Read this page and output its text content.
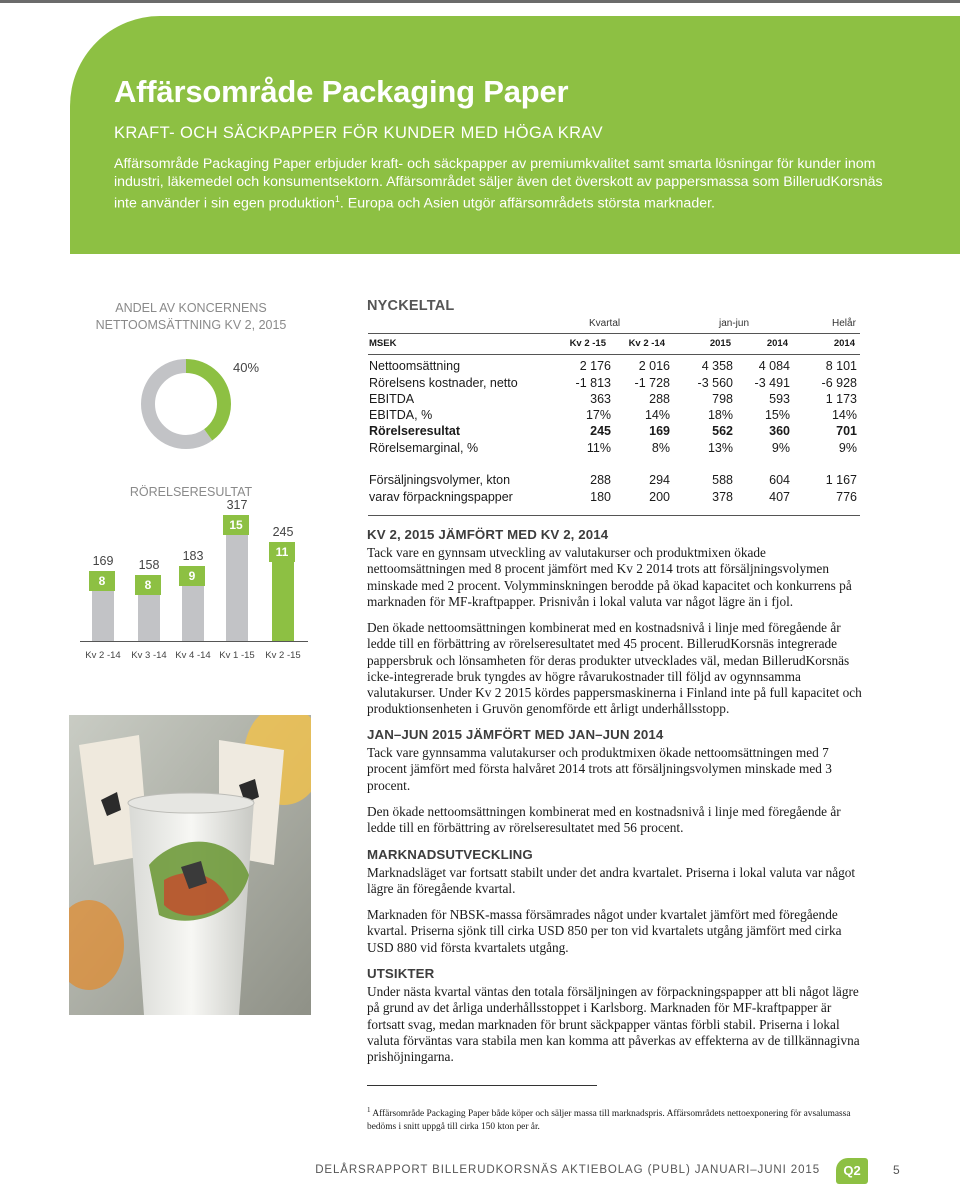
Affärsområde Packaging Paper
KRAFT- OCH SÄCKPAPPER FÖR KUNDER MED HÖGA KRAV

Affärsområde Packaging Paper erbjuder kraft- och säckpapper av premiumkvalitet samt smarta lösningar för kunder inom industri, läkemedel och konsumentsektorn. Affärsområdet säljer även det överskott av pappersmassa som BillerudKorsnäs inte använder i sin egen produktion$^1$. Europa och Asien utgör affärsområdets största marknader.

ANDEL AV KONCERNENS NETTOOMSÄTTNING KV 2, 2015
40%
RÖRELSERESULTAT
169
8
Kv 2 -14
158
8
Kv 3 -14
183
9
Kv 4 -14
317
15
Kv 1 -15
245
11
Kv 2 -15
NYCKELTAL
Kvartal	jan-jun	Helår
MSEK	Kv 2 -15 Kv 2 -14	2015	2014	2014
Nettoomsättning	2 176	2 016	4 358	4 084	8 101
Rörelsens kostnader, netto	-1 813	-1 728	-3 560	-3 491	-6 928
EBITDA	363	288	798	593	1 173
EBITDA, %	17%	14%	18%	15%	14%
Rörelseresultat	245	169	562	360	701
Rörelsemarginal, %	11%	8%	13%	9%	9%
Försäljningsvolymer, kton	288	294	588	604	1 167
varav förpackningspapper	180	200	378	407	776
KV 2, 2015 JÄMFÖRT MED KV 2, 2014

Tack vare en gynnsam utveckling av valutakurser och produktmixen ökade nettoomsättningen med 8 procent jämfört med Kv 2 2014 trots att försäljningsvolymen minskade med 2 procent. Volymminskningen berodde på ökad kapacitet och konkurrens på marknaden för MF-kraftpapper. Prisnivån i lokal valuta var något lägre än i fjol.

Den ökade nettoomsättningen kombinerat med en kostnadsnivå i linje med föregående år ledde till en förbättring av rörelseresultatet med 45 procent. BillerudKorsnäs integrerade pappersbruk och lönsamheten för deras produkter utvecklades väl, medan BillerudKorsnäs icke-integrerade bruk tyngdes av högre råvarukostnader till följd av ogynnsamma valutakurser. Under Kv 2 2015 kördes pappersmaskinerna i Finland inte på full kapacitet och produktionsenheten i Gruvön genomförde ett årligt underhållsstopp.

JAN–JUN 2015 JÄMFÖRT MED JAN–JUN 2014

Tack vare gynnsamma valutakurser och produktmixen ökade nettoomsättningen med 7 procent jämfört med första halvåret 2014 trots att försäljningsvolymen minskade med 3 procent.

Den ökade nettoomsättningen kombinerat med en kostnadsnivå i linje med föregående år ledde till en förbättring av rörelseresultatet med 56 procent.

MARKNADSUTVECKLING

Marknadsläget var fortsatt stabilt under det andra kvartalet. Priserna i lokal valuta var något lägre än föregående kvartal.

Marknaden för NBSK-massa försämrades något under kvartalet jämfört med föregående kvartal. Priserna sjönk till cirka USD 850 per ton vid kvartalets utgång jämfört med cirka USD 880 vid första kvartalets utgång.

UTSIKTER

Under nästa kvartal väntas den totala försäljningen av förpackningspapper att bli något lägre på grund av det årliga underhållsstoppet i Karlsborg. Marknaden för MF-kraftpapper är fortsatt svag, medan marknaden för brunt säckpapper väntas förbli stabil. Priserna i lokal valuta förväntas vara stabila men kan komma att påverkas av effekterna av de tillkännagivna prishöjningarna.

$^1$ Affärsområde Packaging Paper både köper och säljer massa till marknadspris. Affärsområdets nettoexponering för avsalumassa bedöms i snitt uppgå till cirka 150 kton per år.

DELÅRSRAPPORT BILLERUDKORSNÄS AKTIEBOLAG (PUBL) JANUARI–JUNI 2015	Q2	5
